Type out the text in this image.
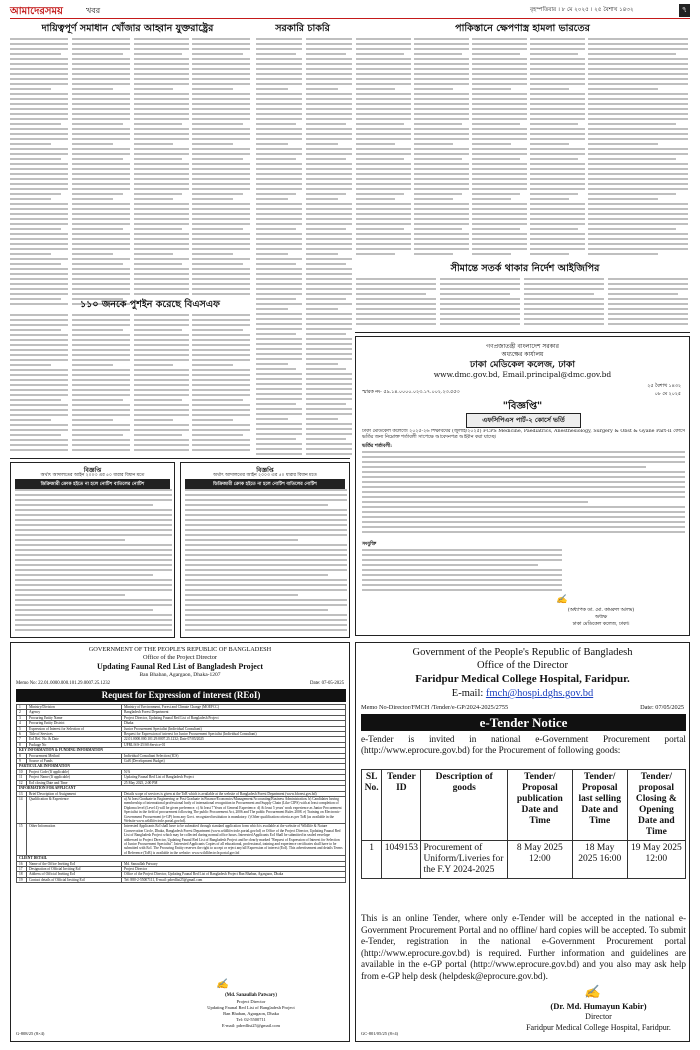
আমাদেরসময়	খবর	বৃহস্পতিবার । ৮ মে ২০২৫ । ২৫ বৈশাখ ১৪৩২	৭
দায়িত্বপূর্ণ সমাধান খোঁজার আহ্বান যুক্তরাষ্ট্রের	সরকারি চাকরি	পাকিস্তানে ক্ষেপণাস্ত্র হামলা ভারতের
১১০ জনকে পুশইন করেছে বিএসএফ
সীমান্তে সতর্ক থাকার নির্দেশ আইজিপির
গণপ্রজাতন্ত্রী বাংলাদেশ সরকার
অধ্যক্ষের কার্যালয়
ঢাকা মেডিকেল কলেজ, ঢাকা
www.dmc.gov.bd, Email.principal@dmc.gov.bd
স্মারক নং- ৫৯.১৪.০০০০.০২৩.১৭.০০২.২৩.৫৫৩
২৫ বৈশাখ ১৪৩২
০৮ মে ২০২৫
"বিজ্ঞপ্তি"
এফসিপিএস পার্ট-২ কোর্সে ভর্তি
ঢাকা মেডিকেল কলেজে ২০২৫-২৬ শিক্ষাবর্ষের (জুলাই/২০২৫) FCPS Medicine, Paediatrics, Anesthesiology, Surgery & Obst & Gyane Part-II কোর্সে ভর্তির জন্য নিম্নোক্ত শর্তাবলী সাপেক্ষে আবেদনপত্র আহ্বান করা যাচ্ছে।
ভর্তির শর্তাবলী:
সংযুক্তি
✍
(অধ্যাপক ডা. মো. কামরুল আলম)
অধ্যক্ষ
ঢাকা মেডিকেল কলেজ, ঢাকা।
বিজ্ঞপ্তি
অর্থাৎ আদালতের আইন ২০০৩ এর ৫০ ধারার বিধান মতে
ডিক্রিজারী ক্রোক হইতে না হলে নোটিশ বাতিলের নোটিশ
বিজ্ঞপ্তি
অর্থাৎ আদালতের আইন ২০০৩ এর ৫০ ধারার বিধান মতে
ডিক্রিজারী ক্রোক হইতে না হলে নোটিশ বাতিলের নোটিশ
GOVERNMENT OF THE PEOPLE'S REPUBLIC OF BANGLADESH
Office of the Project Director
Updating Faunal Red List of Bangladesh Project
Ban Bhaban, Agargaon, Dhaka-1207
Memo No: 22.01.0000.000.101.29.0007.25.1232	Date: 07-05-2025
Request for Expression of interest (REoI)
1	Ministry/Division	Ministry of Environment, Forest and Climate Change (MOEFCC)
2	Agency	Bangladesh Forest Department
3	Procuring Entity Name	Project Director, Updating Faunal Red List of Bangladesh Project
4	Procuring Entity District	Dhaka
5	Expression of Interest for Selection of	Junior Procurement Specialist (Individual Consultant)
6	Title of Services	Request for Expression of interest for Junior Procurement Specialist (Individual Consultant)
7	EoI Ref. No. & Date	22.01.0000.000.101.29.0007.25.1232; Date 07/05/2025
8	Package No	UFRL/S/S-25/S0:Service-01
KEY INFORMATION & FUNDING INFORMATION		
8	Procurement Method	Individual Consultant Selection (ICS)
9	Source of Funds	GoB (Development Budget)
PARTICULAR INFORMATION		
10	Project Code (If applicable)	N/A
11	Project Name (If applicable)	Updating Faunal Red List of Bangladesh Project
12	EoI closing Date and Time	25 May 2025, 2:00 PM
INFORMATION FOR APPLICANT		
13	Brief Description of Assignment	Details scope of services is given at the ToR which is available at the website of Bangladesh Forest Department (www.bforest.gov.bd)
14	Qualification & Experience	a) At least Graduate in Engineering or Post Graduate in Finance/Economics/Management/Accounting/Business Administration. b) Candidates having membership of international professional body of international recognition in Procurement and Supply Chain (Like CIPS) with at least completion of Diploma level (Level 4) will be given preference. c) At least 7 Years of General Experience. d) At least 5 years' work experience as Junior Procurement Specialist in the field of procurement following The public Procurement Act, 2006 and The public Procurement Rules 2008. e) Training on Electronic-Government Procurement (e-GP) from any Govt. recognized institution is mandatory. f) Other qualification criteria as per ToR (as available in the Website www.wildlifecircle.portal.gov.bd).
15	Other Information	Interested Applicants EoI shall have to be submitted through standard application form which is available at the website of Wildlife & Nature Conservation Circle, Dhaka, Bangladesh Forest Department (www.wildlifecircle.portal.gov.bd) or Office of the Project Director, Updating Faunal Red List of Bangladesh Project which may be collected during normal office hours. Interested Applicants EoI Shall be submitted in sealed envelope addressed to Project Director, Updating Faunal Red List of Bangladesh Project and be clearly marked "Request of Expression of Interest for Selection of Junior Procurement Specialist". Interested Applicants Copies of all educational, professional, training and experience certificates shall have to be submitted with EoI. The Procuring Entity reserves the right to accept or reject any/all Expression of interest (EoI). This advertisement and details Terms of Reference (ToR) is available in the website: www.wildlifecircle.portal.gov.bd
CLIENT DETAIL		
16	Name of the Office Inviting EoI	Md. Sanaullah Patwary
17	Designation of Official Inviting EoI	Project Director
18	Address of Official Inviting EoI	Office of the Project Director, Updating Faunal Red List of Bangladesh Project Ban Bhaban, Agargaon, Dhaka
19	Contact details of Official Inviting EoI	Tel: 880-2-55007111, E-mail: pdredlist25@gmail.com
✍
(Md. Sanaullah Patwary)
Project Director
Updating Faunal Red List of Bangladesh Project
Ban Bhaban, Agargaon, Dhaka
Tel: 02-5500711
E-mail: pdredlist25@gmail.com
G-808/25 (8×4)
Government of the People's Republic of Bangladesh
Office of the Director
Faridpur Medical College Hospital, Faridpur.
E-mail: fmch@hospi.dghs.gov.bd
Memo No-Director/FMCH /Tender/e-GP/2024-2025/2755	Date: 07/05/2025
e-Tender Notice
e-Tender is invited in national e-Government Procurement portal (http://www.eprocure.gov.bd) for the Procurement of following goods:
SL No.	Tender ID	Description of goods	Tender/ Proposal publication Date and Time	Tender/ Proposal last selling Date and Time	Tender/ proposal Closing & Opening Date and Time
1	1049153	Procurement of Uniform/Liveries for the F.Y 2024-2025	8 May 2025 12:00	18 May 2025 16:00	19 May 2025 12:00
This is an online Tender, where only e-Tender will be accepted in the national e-Government Procurement Portal and no offline/ hard copies will be accepted. To submit e-Tender, registration in the national e-Government Procurement portal (http://www.eprocure.gov.bd) is required. Further information and guidelines are available in the e-GP portal (http://www.eprocure.gov.bd) and you also may ask help from e-GP help desk (helpdesk@eprocure.gov.bd).
✍
(Dr. Md. Humayun Kabir)
Director
Faridpur Medical College Hospital, Faridpur.
GC-801/05/25 (8×4)
